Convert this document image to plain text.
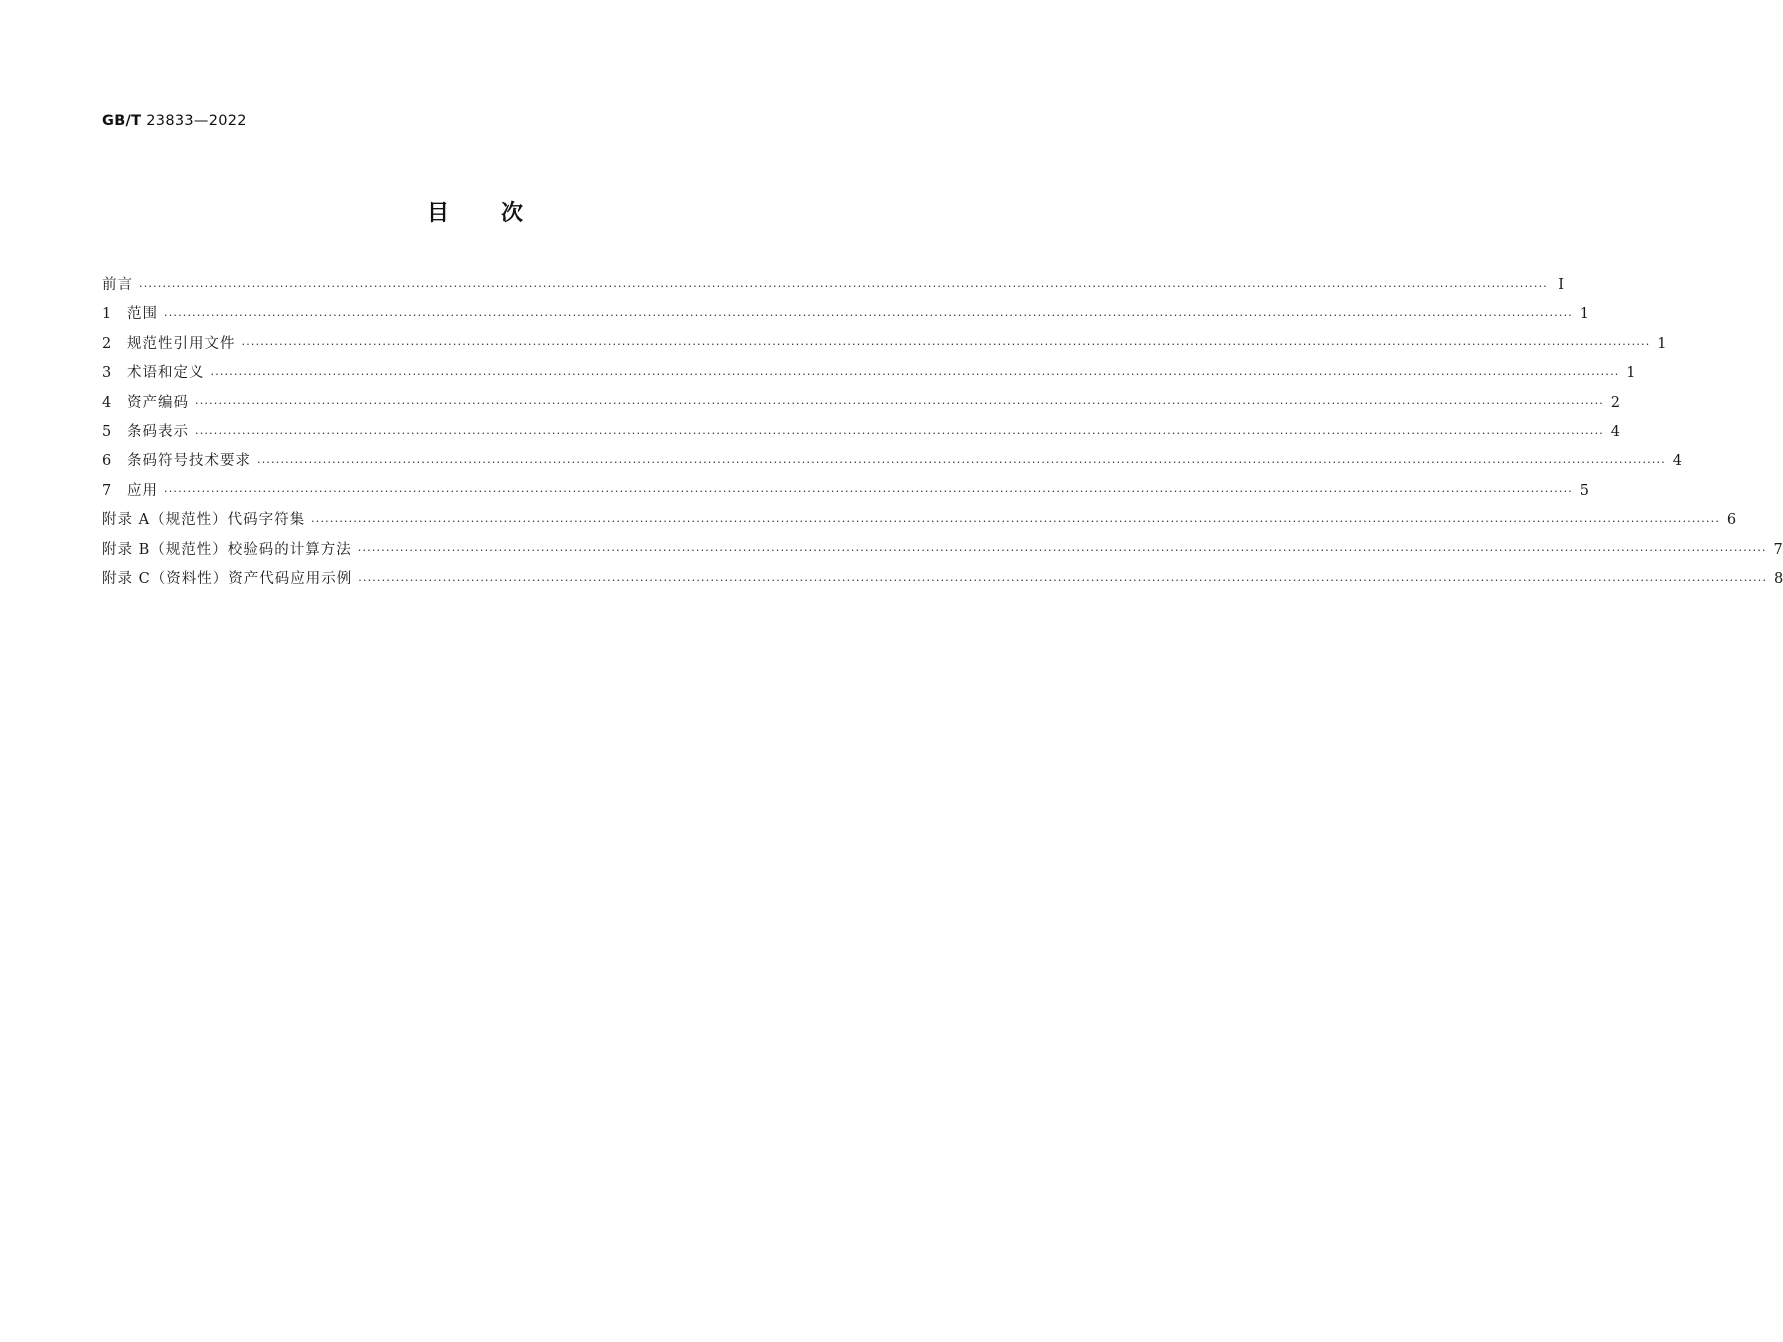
GB/T 23833—2022
目次
前言 ············································································································································································································································································································ Ⅰ
1	范围 ············································································································································································································································································································ 1
2	规范性引用文件 ············································································································································································································································································································ 1
3	术语和定义 ············································································································································································································································································································ 1
4	资产编码 ············································································································································································································································································································ 2
5	条码表示 ············································································································································································································································································································ 4
6	条码符号技术要求 ············································································································································································································································································································ 4
7	应用 ············································································································································································································································································································ 5
附录 A（规范性） 代码字符集 ············································································································································································································································································································ 6
附录 B（规范性） 校验码的计算方法 ············································································································································································································································································································ 7
附录 C（资料性） 资产代码应用示例 ············································································································································································································································································································ 8
